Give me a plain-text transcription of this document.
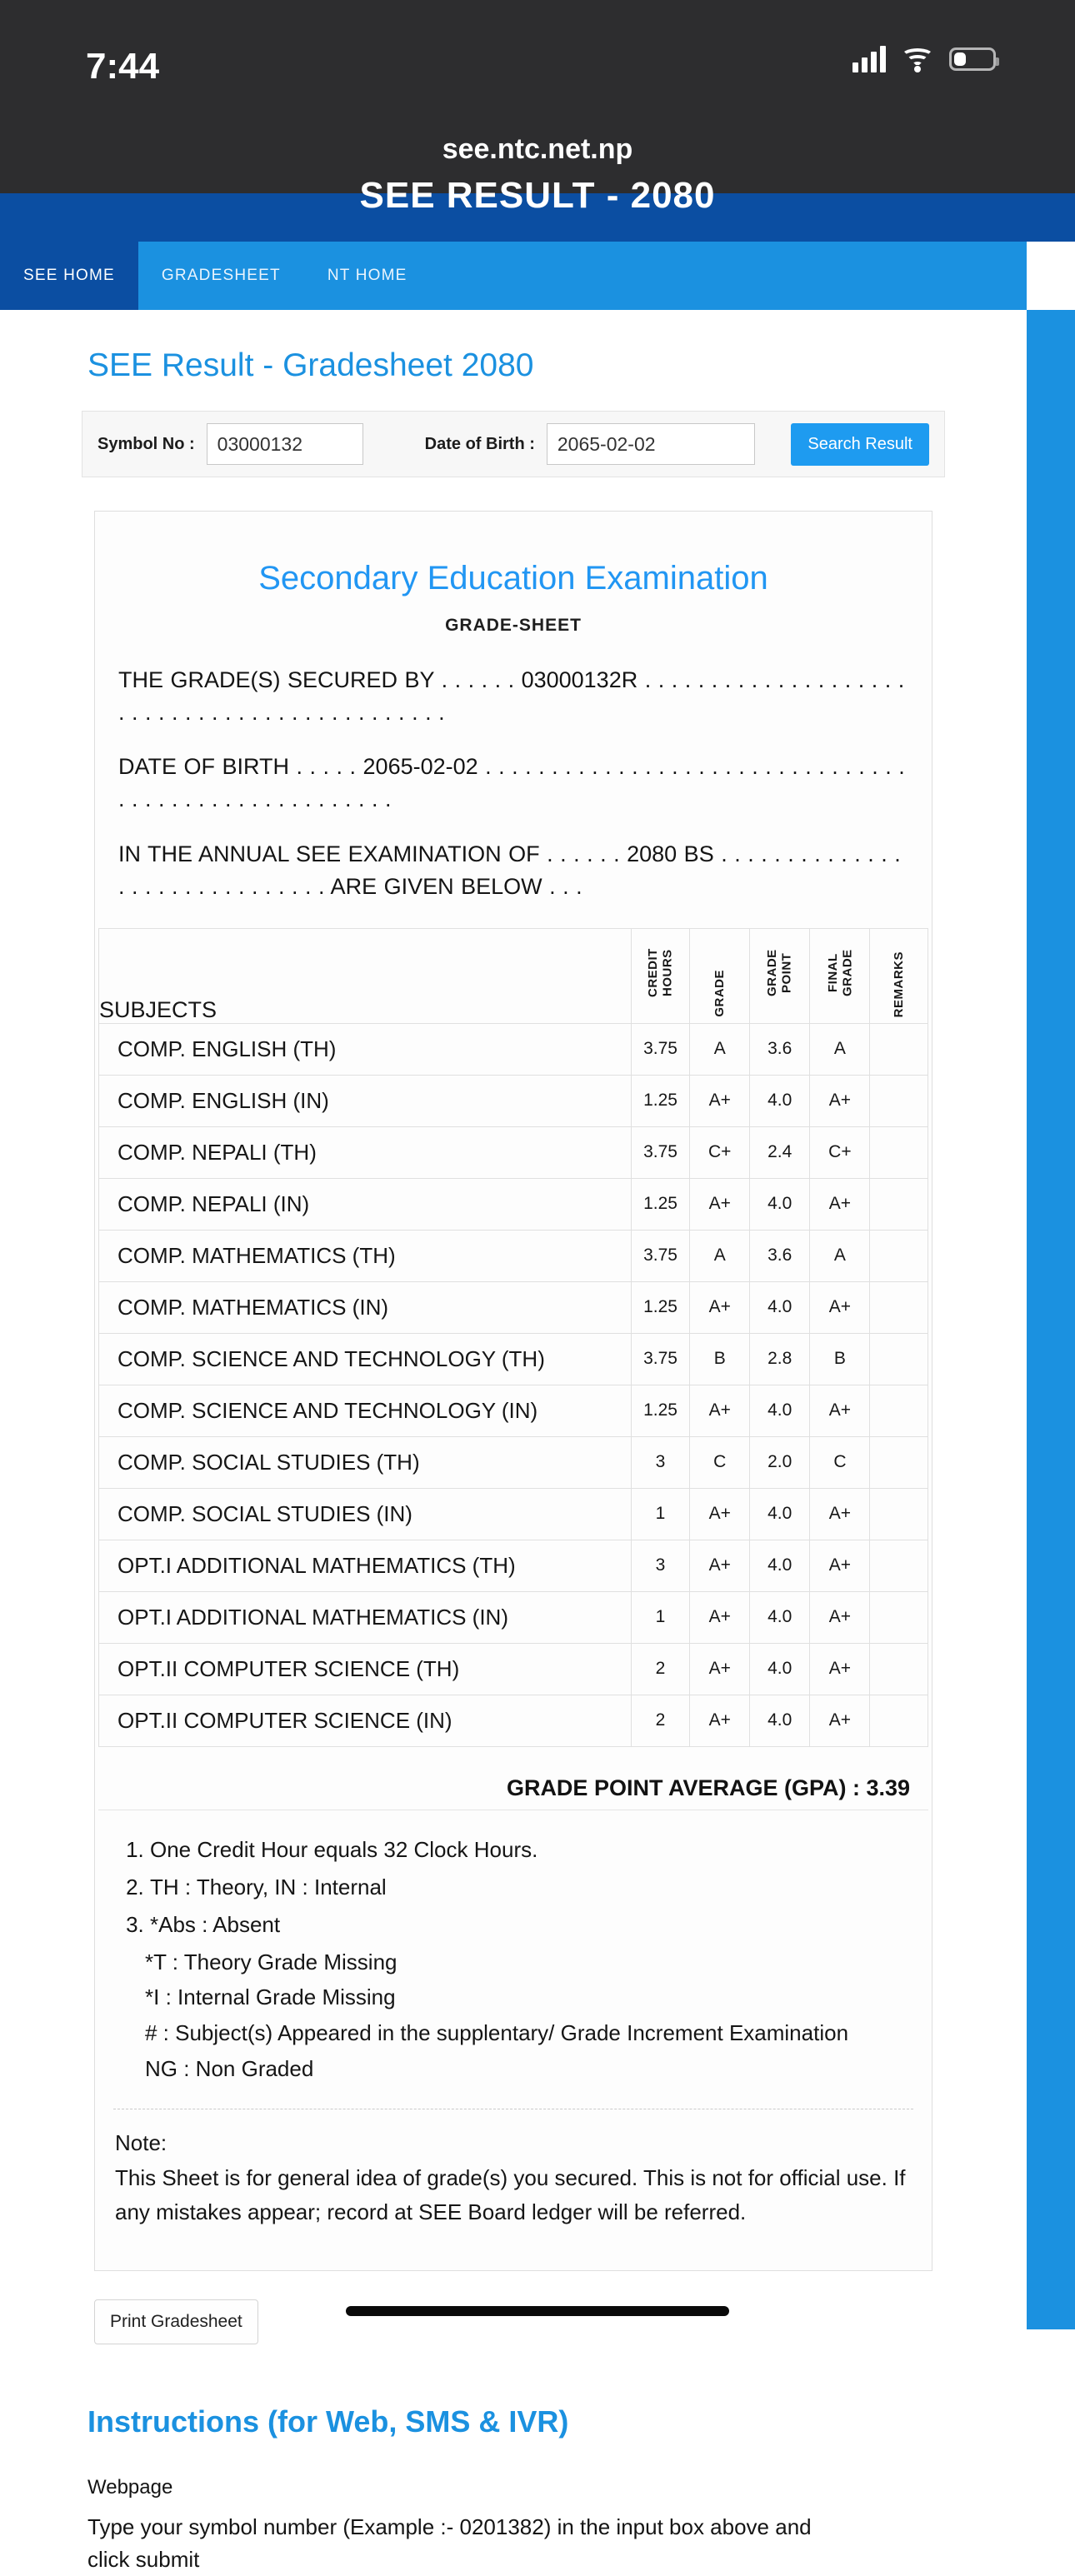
7:44
see.ntc.net.np
SEE RESULT - 2080
SEE HOME	GRADESHEET	NT HOME
SEE Result - Gradesheet 2080
Symbol No :
03000132	Date of Birth :
2065-02-02	Search Result
Secondary Education Examination
GRADE-SHEET
THE GRADE(S) SECURED BY . . . . . . 03000132R . . . . . . . . . . . . . . . . . . . . . . . . . . . . . . . . . . . . . . . . . . . . .
DATE OF BIRTH . . . . . 2065-02-02 . . . . . . . . . . . . . . . . . . . . . . . . . . . . . . . . . . . . . . . . . . . . . . . . . . . . .
IN THE ANNUAL SEE EXAMINATION OF . . . . . . 2080 BS . . . . . . . . . . . . . . . . . . . . . . . . . . . . . . ARE GIVEN BELOW . . .
SUBJECTS	CREDIT HOURS	GRADE	GRADE POINT	FINAL GRADE	REMARKS
COMP. ENGLISH (TH)	3.75	A	3.6	A	
COMP. ENGLISH (IN)	1.25	A+	4.0	A+	
COMP. NEPALI (TH)	3.75	C+	2.4	C+	
COMP. NEPALI (IN)	1.25	A+	4.0	A+	
COMP. MATHEMATICS (TH)	3.75	A	3.6	A	
COMP. MATHEMATICS (IN)	1.25	A+	4.0	A+	
COMP. SCIENCE AND TECHNOLOGY (TH)	3.75	B	2.8	B	
COMP. SCIENCE AND TECHNOLOGY (IN)	1.25	A+	4.0	A+	
COMP. SOCIAL STUDIES (TH)	3	C	2.0	C	
COMP. SOCIAL STUDIES (IN)	1	A+	4.0	A+	
OPT.I ADDITIONAL MATHEMATICS (TH)	3	A+	4.0	A+	
OPT.I ADDITIONAL MATHEMATICS (IN)	1	A+	4.0	A+	
OPT.II COMPUTER SCIENCE (TH)	2	A+	4.0	A+	
OPT.II COMPUTER SCIENCE (IN)	2	A+	4.0	A+	
GRADE POINT AVERAGE (GPA) : 3.39
1. One Credit Hour equals 32 Clock Hours.
2. TH : Theory, IN : Internal
3. *Abs : Absent
*T : Theory Grade Missing
*I : Internal Grade Missing
# : Subject(s) Appeared in the supplentary/ Grade Increment Examination
NG : Non Graded
Note:
This Sheet is for general idea of grade(s) you secured. This is not for official use. If any mistakes appear; record at SEE Board ledger will be referred.
Print Gradesheet
Instructions (for Web, SMS & IVR)
Webpage
Type your symbol number (Example :- 0201382) in the input box above and click submit
